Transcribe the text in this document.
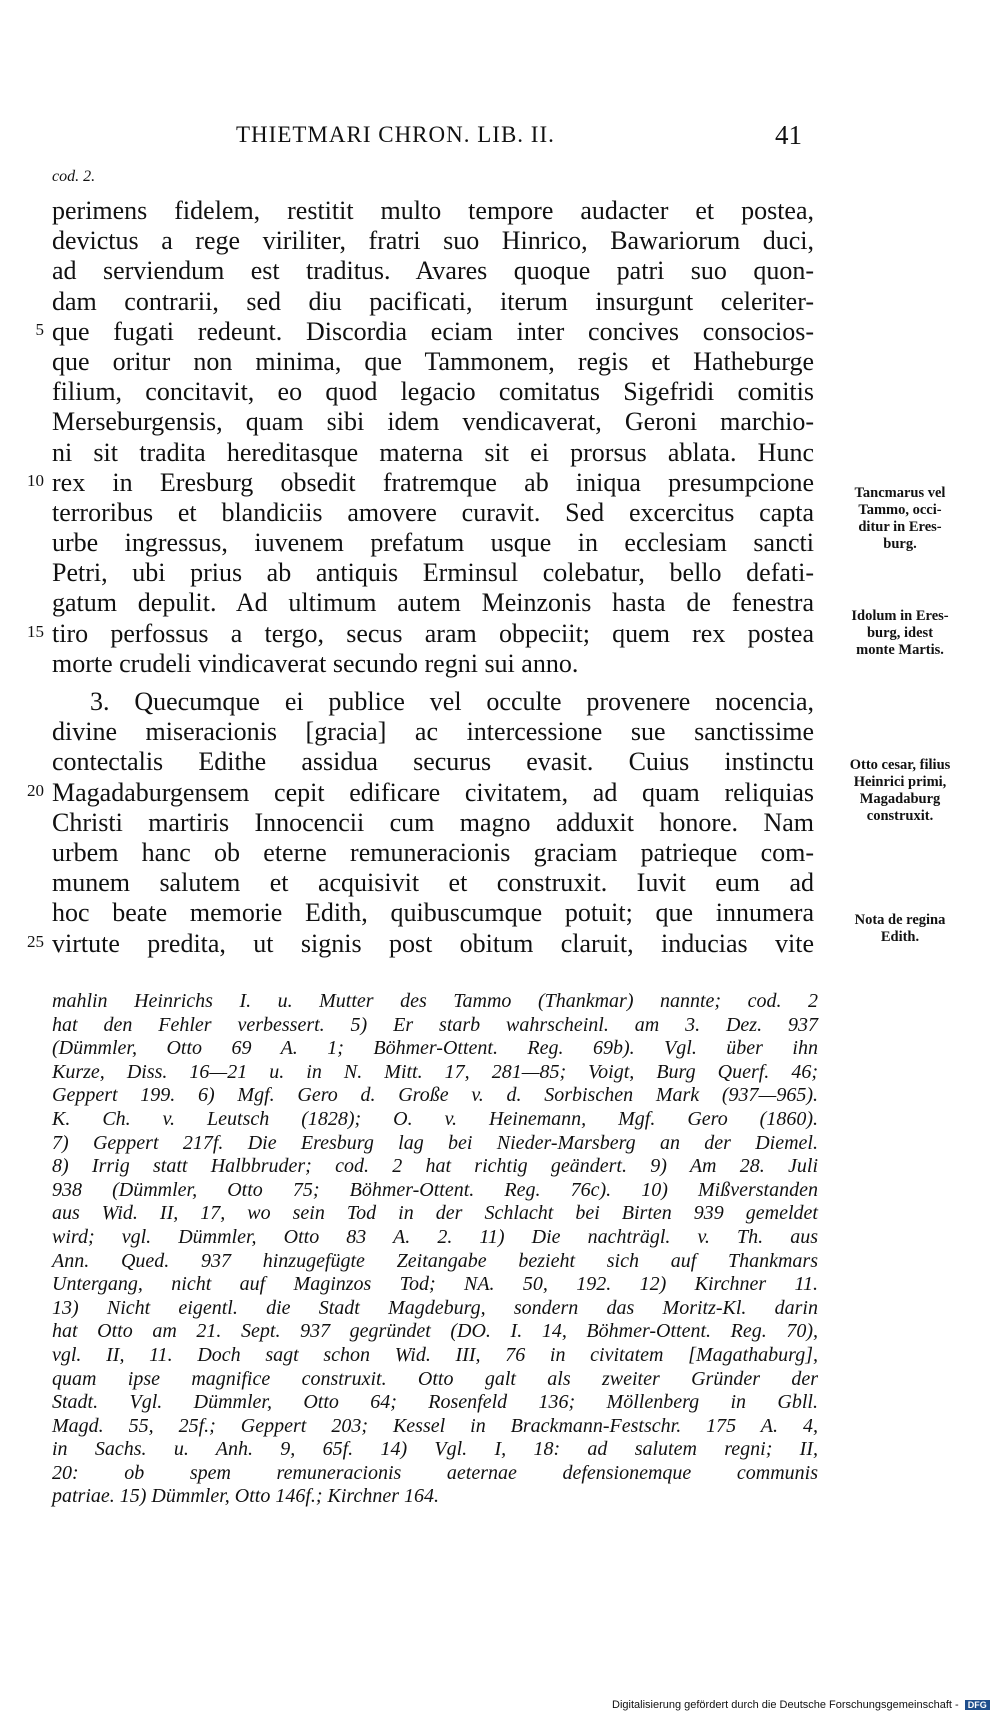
THIETMARI CHRON. LIB. II.	41
cod. 2.
perimens fidelem, restitit multo tempore audacter et postea,
devictus a rege viriliter, fratri suo Hinrico, Bawariorum duci,
ad serviendum est traditus. Avares quoque patri suo quon-
dam contrarii, sed diu pacificati, iterum insurgunt celeriter-
5 que fugati redeunt. Discordia eciam inter concives consocios-
que oritur non minima, que Tammonem, regis et Hatheburge
filium, concitavit, eo quod legacio comitatus Sigefridi comitis
Merseburgensis, quam sibi idem vendicaverat, Geroni marchio-
ni sit tradita hereditasque materna sit ei prorsus ablata. Hunc
10 rex in Eresburg obsedit fratremque ab iniqua presumpcione
terroribus et blandiciis amovere curavit. Sed excercitus capta
urbe ingressus, iuvenem prefatum usque in ecclesiam sancti
Petri, ubi prius ab antiquis Erminsul colebatur, bello defati-
gatum depulit. Ad ultimum autem Meinzonis hasta de fenestra
15 tiro perfossus a tergo, secus aram obpeciit; quem rex postea
morte crudeli vindicaverat secundo regni sui anno.
3. Quecumque ei publice vel occulte provenere nocencia,
divine miseracionis [gracia] ac intercessione sue sanctissime
contectalis Edithe assidua securus evasit. Cuius instinctu
20 Magadaburgensem cepit edificare civitatem, ad quam reliquias
Christi martiris Innocencii cum magno adduxit honore. Nam
urbem hanc ob eterne remuneracionis graciam patrieque com-
munem salutem et acquisivit et construxit. Iuvit eum ad
hoc beate memorie Edith, quibuscumque potuit; que innumera
25 virtute predita, ut signis post obitum claruit, inducias vite
Tancmarus vel
Tammo, occi-
ditur in Eres-
burg.
Idolum in Eres-
burg, idest
monte Martis.
Otto cesar, filius
Heinrici primi,
Magadaburg
construxit.
Nota de regina
Edith.
mahlin Heinrichs I. u. Mutter des Tammo (Thankmar) nannte; cod. 2
hat den Fehler verbessert. 5) Er starb wahrscheinl. am 3. Dez. 937
(Dümmler, Otto 69 A. 1; Böhmer-Ottent. Reg. 69b). Vgl. über ihn
Kurze, Diss. 16—21 u. in N. Mitt. 17, 281—85; Voigt, Burg Querf. 46;
Geppert 199. 6) Mgf. Gero d. Große v. d. Sorbischen Mark (937—965).
K. Ch. v. Leutsch (1828); O. v. Heinemann, Mgf. Gero (1860).
7) Geppert 217f. Die Eresburg lag bei Nieder-Marsberg an der Diemel.
8) Irrig statt Halbbruder; cod. 2 hat richtig geändert. 9) Am 28. Juli
938 (Dümmler, Otto 75; Böhmer-Ottent. Reg. 76c). 10) Mißverstanden
aus Wid. II, 17, wo sein Tod in der Schlacht bei Birten 939 gemeldet
wird; vgl. Dümmler, Otto 83 A. 2. 11) Die nachträgl. v. Th. aus
Ann. Qued. 937 hinzugefügte Zeitangabe bezieht sich auf Thankmars
Untergang, nicht auf Maginzos Tod; NA. 50, 192. 12) Kirchner 11.
13) Nicht eigentl. die Stadt Magdeburg, sondern das Moritz-Kl. darin
hat Otto am 21. Sept. 937 gegründet (DO. I. 14, Böhmer-Ottent. Reg. 70),
vgl. II, 11. Doch sagt schon Wid. III, 76 in civitatem [Magathaburg],
quam ipse magnifice construxit. Otto galt als zweiter Gründer der
Stadt. Vgl. Dümmler, Otto 64; Rosenfeld 136; Möllenberg in Gbll.
Magd. 55, 25f.; Geppert 203; Kessel in Brackmann-Festschr. 175 A. 4,
in Sachs. u. Anh. 9, 65f. 14) Vgl. I, 18: ad salutem regni; II,
20: ob spem remuneracionis aeternae defensionemque communis
patriae. 15) Dümmler, Otto 146f.; Kirchner 164.
Digitalisierung gefördert durch die Deutsche Forschungsgemeinschaft - DFG
